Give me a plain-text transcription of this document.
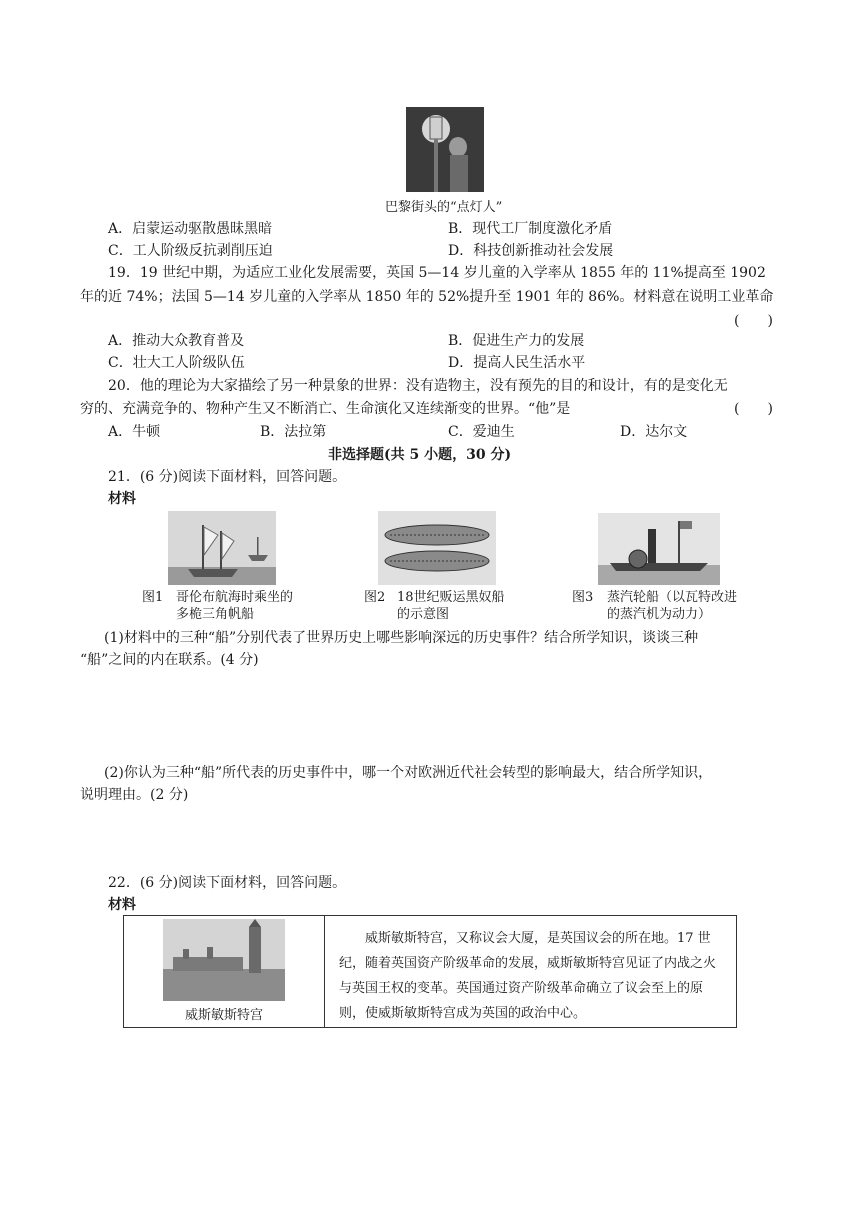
巴黎街头的“点灯人”
A．启蒙运动驱散愚昧黑暗	B．现代工厂制度激化矛盾
C．工人阶级反抗剥削压迫	D．科技创新推动社会发展
19．19 世纪中期，为适应工业化发展需要，英国 5—14 岁儿童的入学率从 1855 年的 11%提高至 1902
年的近 74%；法国 5—14 岁儿童的入学率从 1850 年的 52%提升至 1901 年的 86%。材料意在说明工业革命
(　　)
A．推动大众教育普及	B．促进生产力的发展
C．壮大工人阶级队伍	D．提高人民生活水平
20．他的理论为大家描绘了另一种景象的世界：没有造物主，没有预先的目的和设计，有的是变化无
穷的、充满竞争的、物种产生又不断消亡、生命演化又连续渐变的世界。“他”是	(　　)
A．牛顿	B．法拉第	C．爱迪生	D．达尔文
非选择题(共 5 小题，30 分)
21．(6 分)阅读下面材料，回答问题。
材料
图1 哥伦布航海时乘坐的
多桅三角帆船
图2 18世纪贩运黑奴船
的示意图
图3 蒸汽轮船（以瓦特改进
的蒸汽机为动力）
(1)材料中的三种“船”分别代表了世界历史上哪些影响深远的历史事件？结合所学知识，谈谈三种
“船”之间的内在联系。(4 分)
(2)你认为三种“船”所代表的历史事件中，哪一个对欧洲近代社会转型的影响最大，结合所学知识，
说明理由。(2 分)
22．(6 分)阅读下面材料，回答问题。
材料
威斯敏斯特宫

威斯敏斯特宫，又称议会大厦，是英国议会的所在地。17 世纪，随着英国资产阶级革命的发展，威斯敏斯特宫见证了内战之火与英国王权的变革。英国通过资产阶级革命确立了议会至上的原则，使威斯敏斯特宫成为英国的政治中心。
